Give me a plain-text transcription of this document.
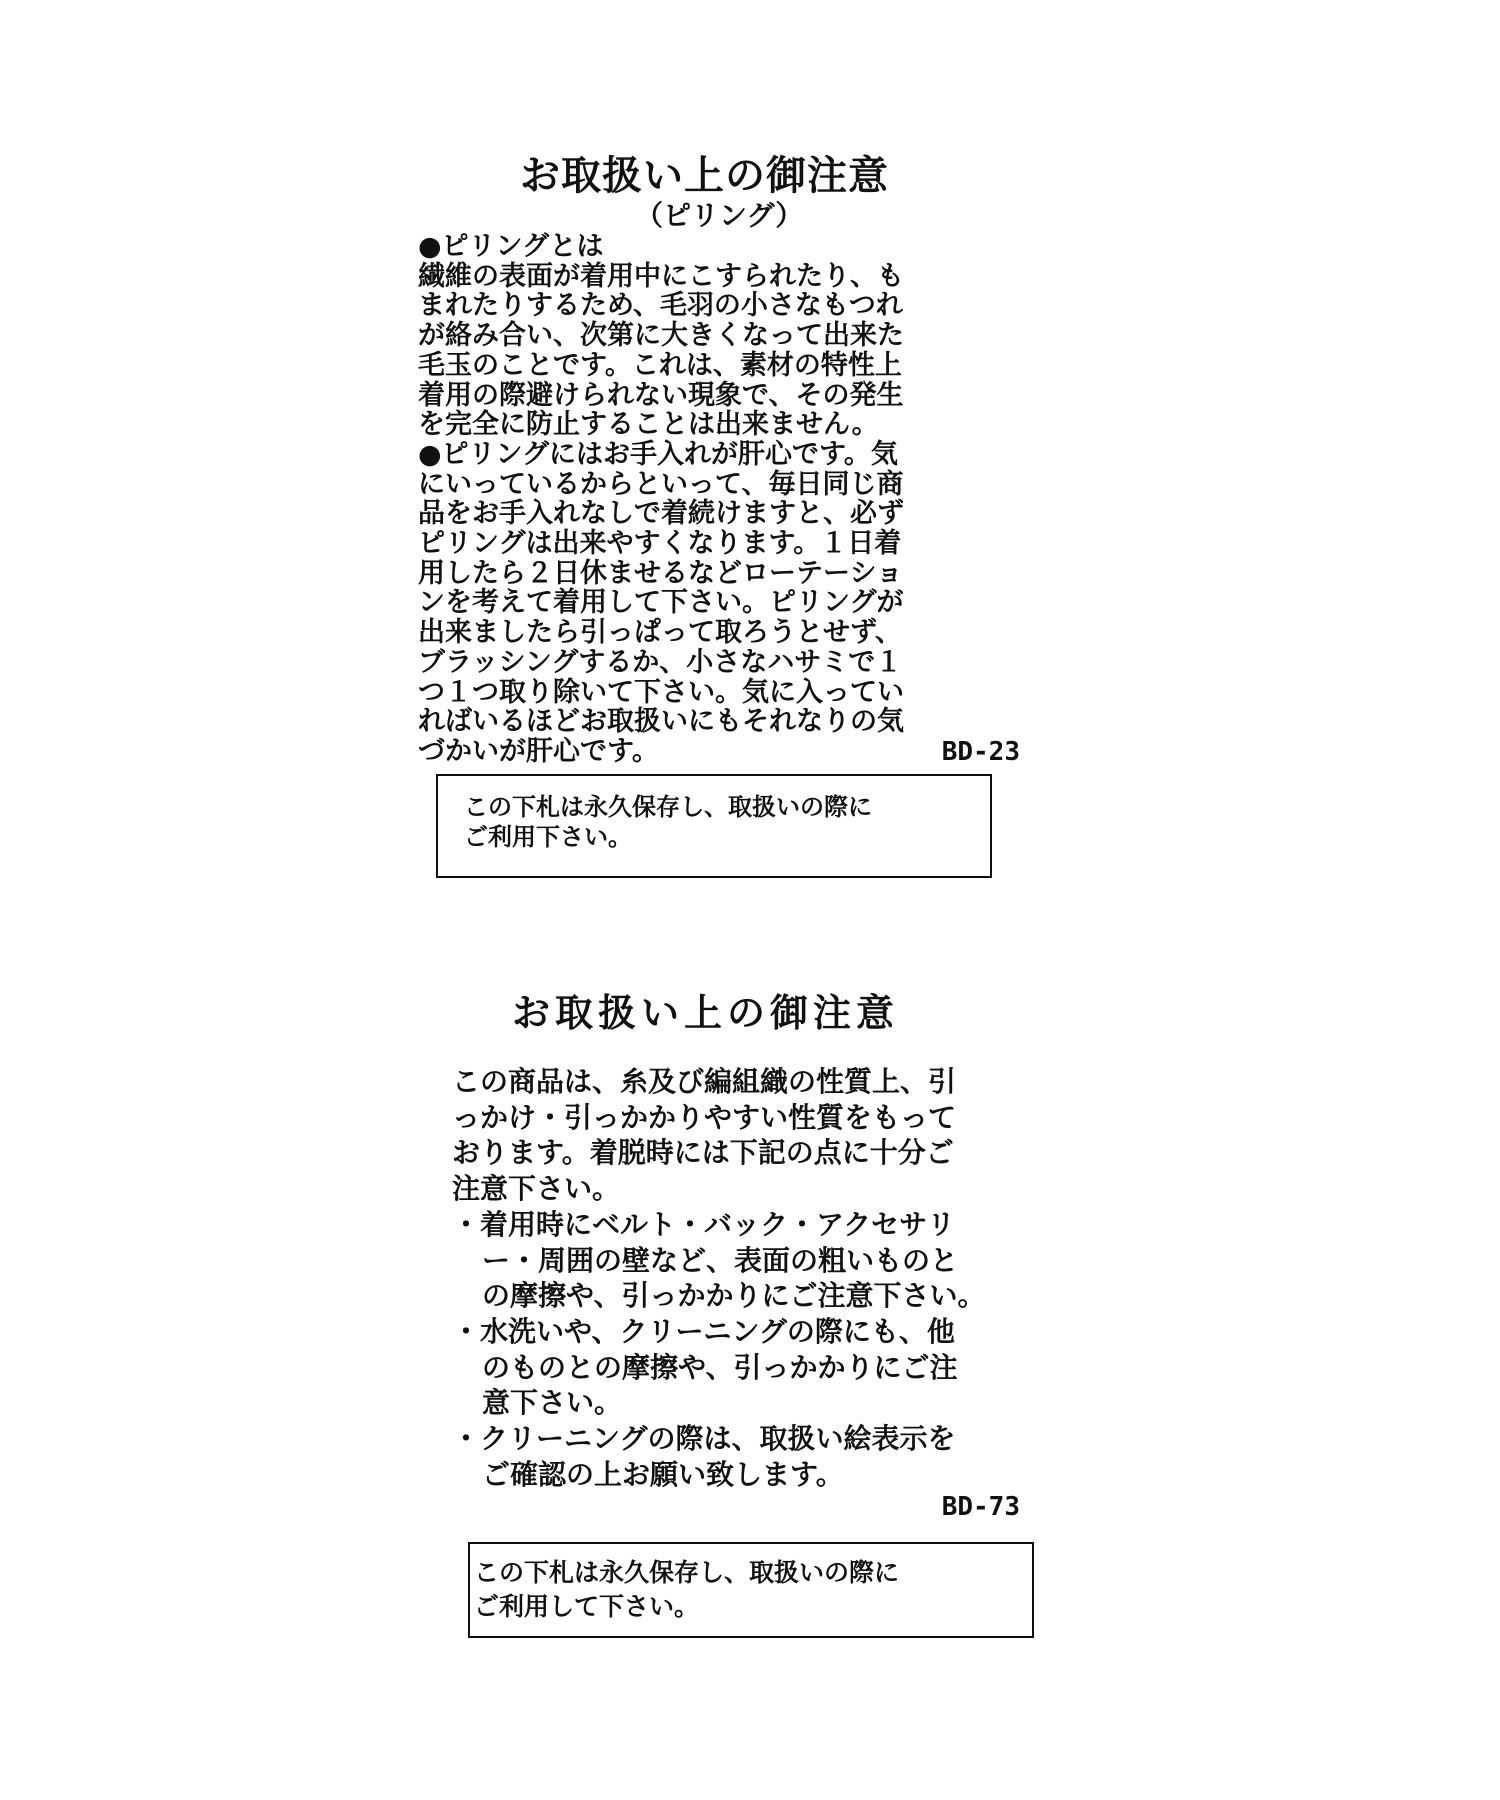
お取扱い上の御注意
（ピリング）
●ピリングとは
繊維の表面が着用中にこすられたり、も
まれたりするため、毛羽の小さなもつれ
が絡み合い、次第に大きくなって出来た
毛玉のことです。これは、素材の特性上
着用の際避けられない現象で、その発生
を完全に防止することは出来ません。
●ピリングにはお手入れが肝心です。気
にいっているからといって、毎日同じ商
品をお手入れなしで着続けますと、必ず
ピリングは出来やすくなります。１日着
用したら２日休ませるなどローテーショ
ンを考えて着用して下さい。ピリングが
出来ましたら引っぱって取ろうとせず、
ブラッシングするか、小さなハサミで１
つ１つ取り除いて下さい。気に入ってい
ればいるほどお取扱いにもそれなりの気
づかいが肝心です。	BD-23
この下札は永久保存し、取扱いの際に
ご利用下さい。
お取扱い上の御注意
この商品は、糸及び編組織の性質上、引
っかけ・引っかかりやすい性質をもって
おります。着脱時には下記の点に十分ご
注意下さい。
・着用時にベルト・バック・アクセサリ
ー・周囲の壁など、表面の粗いものと
の摩擦や、引っかかりにご注意下さい。
・水洗いや、クリーニングの際にも、他
のものとの摩擦や、引っかかりにご注
意下さい。
・クリーニングの際は、取扱い絵表示を
ご確認の上お願い致します。
BD-73
この下札は永久保存し、取扱いの際に
ご利用して下さい。
